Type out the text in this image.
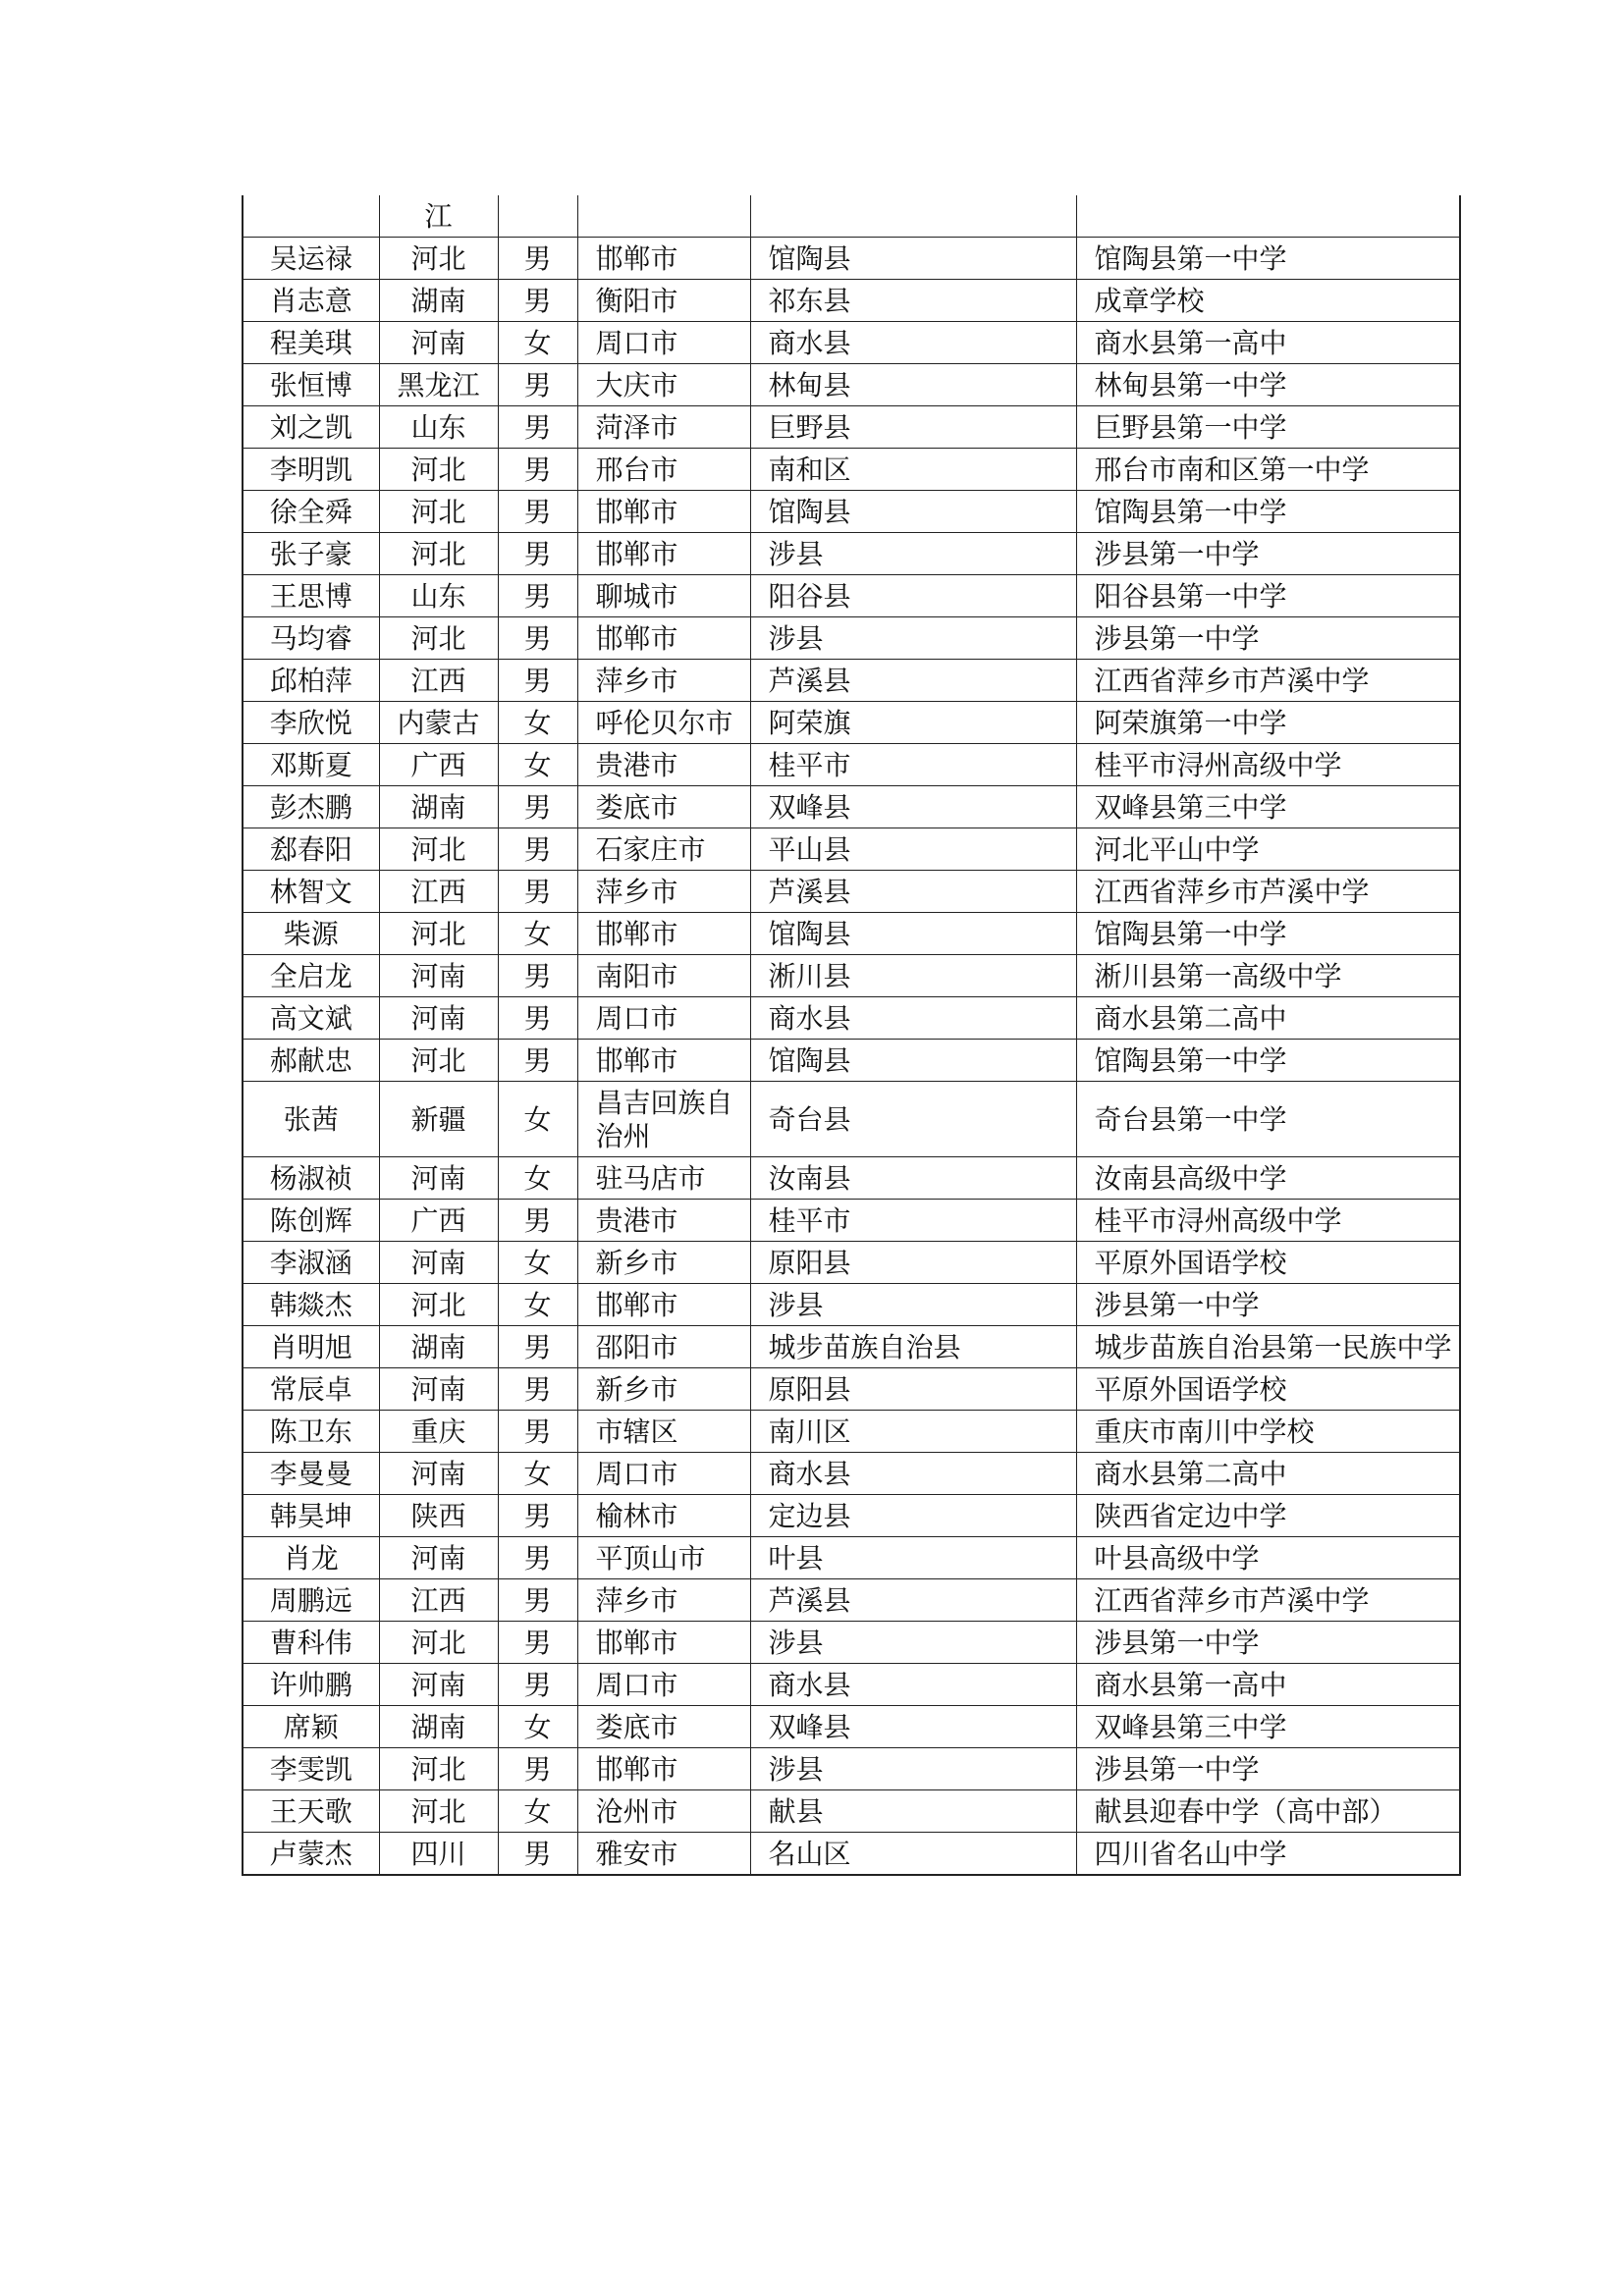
	江				
吴运禄	河北	男	邯郸市	馆陶县	馆陶县第一中学
肖志意	湖南	男	衡阳市	祁东县	成章学校
程美琪	河南	女	周口市	商水县	商水县第一高中
张恒博	黑龙江	男	大庆市	林甸县	林甸县第一中学
刘之凯	山东	男	菏泽市	巨野县	巨野县第一中学
李明凯	河北	男	邢台市	南和区	邢台市南和区第一中学
徐全舜	河北	男	邯郸市	馆陶县	馆陶县第一中学
张子豪	河北	男	邯郸市	涉县	涉县第一中学
王思博	山东	男	聊城市	阳谷县	阳谷县第一中学
马均睿	河北	男	邯郸市	涉县	涉县第一中学
邱柏萍	江西	男	萍乡市	芦溪县	江西省萍乡市芦溪中学
李欣悦	内蒙古	女	呼伦贝尔市	阿荣旗	阿荣旗第一中学
邓斯夏	广西	女	贵港市	桂平市	桂平市浔州高级中学
彭杰鹏	湖南	男	娄底市	双峰县	双峰县第三中学
郄春阳	河北	男	石家庄市	平山县	河北平山中学
林智文	江西	男	萍乡市	芦溪县	江西省萍乡市芦溪中学
柴源	河北	女	邯郸市	馆陶县	馆陶县第一中学
全启龙	河南	男	南阳市	淅川县	淅川县第一高级中学
高文斌	河南	男	周口市	商水县	商水县第二高中
郝献忠	河北	男	邯郸市	馆陶县	馆陶县第一中学
张茜	新疆	女	昌吉回族自治州	奇台县	奇台县第一中学
杨淑祯	河南	女	驻马店市	汝南县	汝南县高级中学
陈创辉	广西	男	贵港市	桂平市	桂平市浔州高级中学
李淑涵	河南	女	新乡市	原阳县	平原外国语学校
韩燚杰	河北	女	邯郸市	涉县	涉县第一中学
肖明旭	湖南	男	邵阳市	城步苗族自治县	城步苗族自治县第一民族中学
常辰卓	河南	男	新乡市	原阳县	平原外国语学校
陈卫东	重庆	男	市辖区	南川区	重庆市南川中学校
李曼曼	河南	女	周口市	商水县	商水县第二高中
韩昊坤	陕西	男	榆林市	定边县	陕西省定边中学
肖龙	河南	男	平顶山市	叶县	叶县高级中学
周鹏远	江西	男	萍乡市	芦溪县	江西省萍乡市芦溪中学
曹科伟	河北	男	邯郸市	涉县	涉县第一中学
许帅鹏	河南	男	周口市	商水县	商水县第一高中
席颖	湖南	女	娄底市	双峰县	双峰县第三中学
李雯凯	河北	男	邯郸市	涉县	涉县第一中学
王天歌	河北	女	沧州市	献县	献县迎春中学（高中部）
卢蒙杰	四川	男	雅安市	名山区	四川省名山中学
